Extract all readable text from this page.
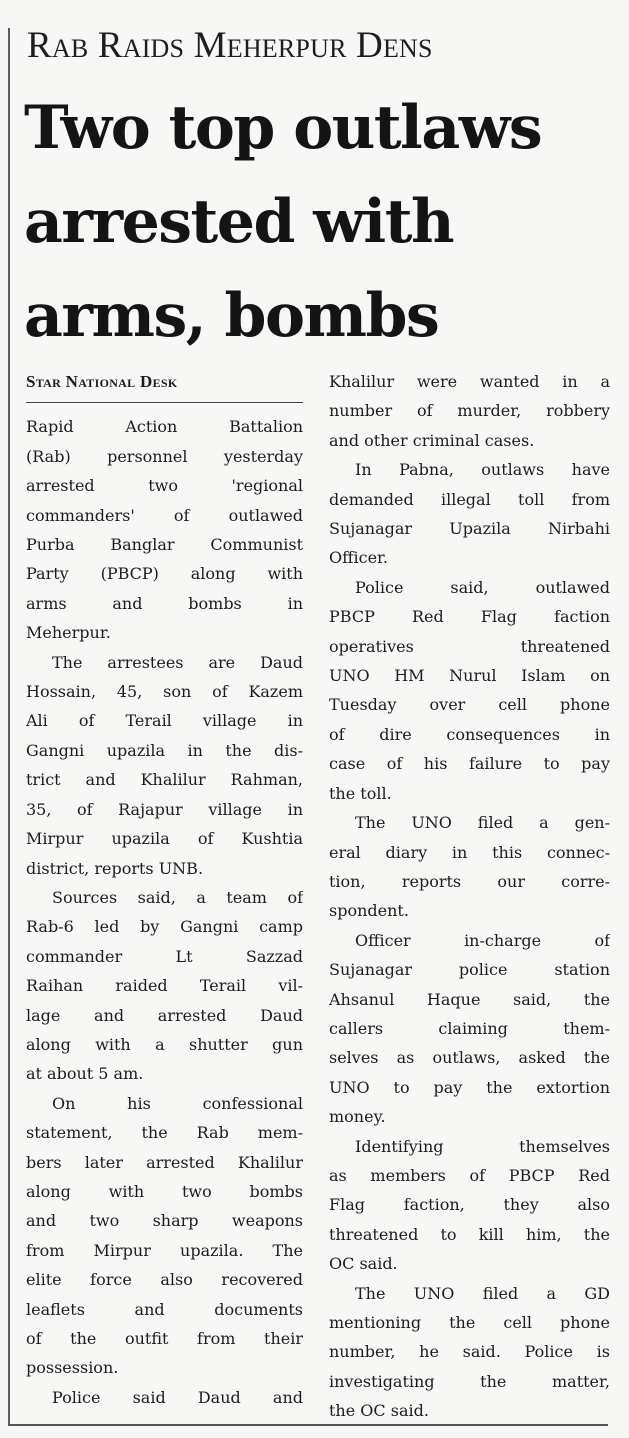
Rab Raids Meherpur Dens
Two top outlaws
arrested with
arms, bombs
Star National Desk

Rapid Action Battalion
(Rab) personnel yesterday
arrested two 'regional
commanders' of outlawed
Purba Banglar Communist
Party (PBCP) along with
arms and bombs in
Meherpur.

The arrestees are Daud
Hossain, 45, son of Kazem
Ali of Terail village in
Gangni upazila in the dis-
trict and Khalilur Rahman,
35, of Rajapur village in
Mirpur upazila of Kushtia
district, reports UNB.

Sources said, a team of
Rab-6 led by Gangni camp
commander Lt Sazzad
Raihan raided Terail vil-
lage and arrested Daud
along with a shutter gun
at about 5 am.

On his confessional
statement, the Rab mem-
bers later arrested Khalilur
along with two bombs
and two sharp weapons
from Mirpur upazila. The
elite force also recovered
leaflets and documents
of the outfit from their
possession.

Police said Daud and

Khalilur were wanted in a
number of murder, robbery
and other criminal cases.

In Pabna, outlaws have
demanded illegal toll from
Sujanagar Upazila Nirbahi
Officer.

Police said, outlawed
PBCP Red Flag faction
operatives threatened
UNO HM Nurul Islam on
Tuesday over cell phone
of dire consequences in
case of his failure to pay
the toll.

The UNO filed a gen-
eral diary in this connec-
tion, reports our corre-
spondent.

Officer in-charge of
Sujanagar police station
Ahsanul Haque said, the
callers claiming them-
selves as outlaws, asked the
UNO to pay the extortion
money.

Identifying themselves
as members of PBCP Red
Flag faction, they also
threatened to kill him, the
OC said.

The UNO filed a GD
mentioning the cell phone
number, he said. Police is
investigating the matter,
the OC said.
